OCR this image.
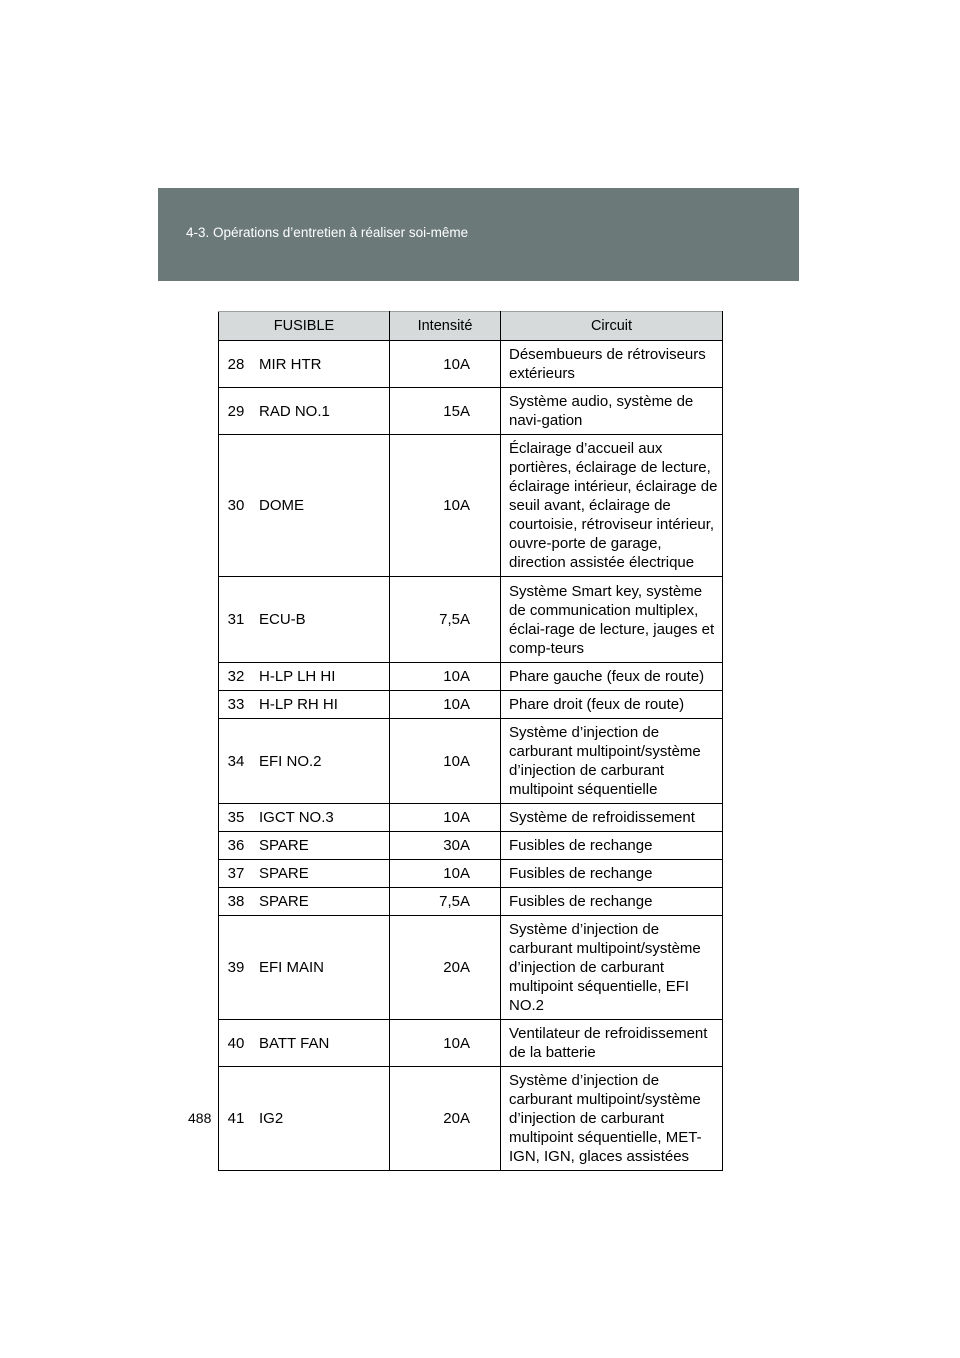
4-3. Opérations d’entretien à réaliser soi-même
FUSIBLE		Intensité	Circuit
28	MIR HTR	10A	Désembueurs de rétroviseurs extérieurs
29	RAD NO.1	15A	Système audio, système de navi-gation
30	DOME	10A	Éclairage d’accueil aux portières, éclairage de lecture, éclairage intérieur, éclairage de seuil avant, éclairage de courtoisie, rétroviseur intérieur, ouvre-porte de garage, direction assistée électrique
31	ECU-B	7,5A	Système Smart key, système de communication multiplex, éclai-rage de lecture, jauges et comp-teurs
32	H-LP LH HI	10A	Phare gauche (feux de route)
33	H-LP RH HI	10A	Phare droit (feux de route)
34	EFI NO.2	10A	Système d’injection de carburant multipoint/système d’injection de carburant multipoint séquentielle
35	IGCT NO.3	10A	Système de refroidissement
36	SPARE	30A	Fusibles de rechange
37	SPARE	10A	Fusibles de rechange
38	SPARE	7,5A	Fusibles de rechange
39	EFI MAIN	20A	Système d’injection de carburant multipoint/système d’injection de carburant multipoint séquentielle, EFI NO.2
40	BATT FAN	10A	Ventilateur de refroidissement de la batterie
41	IG2	20A	Système d’injection de carburant multipoint/système d’injection de carburant multipoint séquentielle, MET-IGN, IGN, glaces assistées
488
